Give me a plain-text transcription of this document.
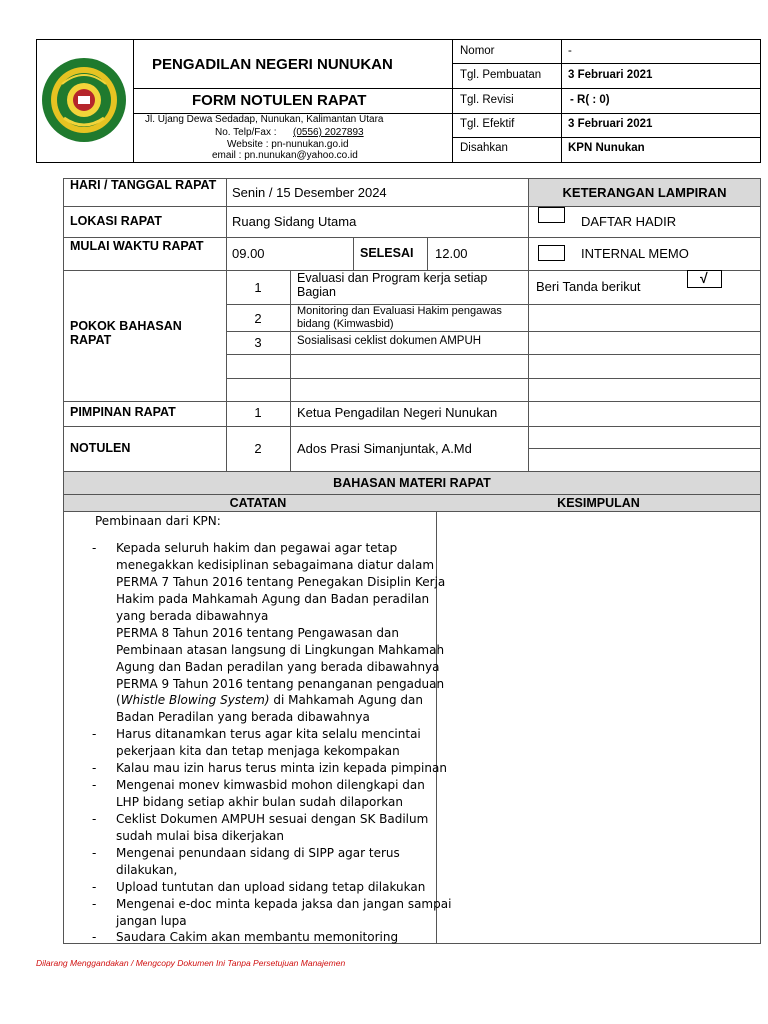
PENGADILAN NEGERI NUNUKAN
FORM NOTULEN RAPAT
Jl. Ujang Dewa Sedadap, Nunukan, Kalimantan Utara
No. Telp/Fax : (0556) 2027893
Website : pn-nunukan.go.id
email : pn.nunukan@yahoo.co.id
Nomor	-
Tgl. Pembuatan 3 Februari 2021
Tgl. Revisi	- R( : 0)
Tgl. Efektif	3 Februari 2021
Disahkan	KPN Nunukan
HARI / TANGGAL RAPAT Senin / 15 Desember 2024	KETERANGAN LAMPIRAN
LOKASI RAPAT	Ruang Sidang Utama	DAFTAR HADIR
MULAI WAKTU RAPAT	09.00	SELESAI 12.00	INTERNAL MEMO
POKOK BAHASAN RAPAT
1
Evaluasi dan Program kerja setiap Bagian
2	Monitoring dan Evaluasi Hakim pengawas bidang (Kimwasbid)
3	Sosialisasi ceklist dokumen AMPUH
Beri Tanda berikut
√
PIMPINAN RAPAT	1	Ketua Pengadilan Negeri Nunukan
NOTULEN	2	Ados Prasi Simanjuntak, A.Md
BAHASAN MATERI RAPAT
CATATAN	KESIMPULAN
Pembinaan dari KPN:
- Kepada seluruh hakim dan pegawai agar tetap
menegakkan kedisiplinan sebagaimana diatur dalam
PERMA 7 Tahun 2016 tentang Penegakan Disiplin Kerja
Hakim pada Mahkamah Agung dan Badan peradilan
yang berada dibawahnya
PERMA 8 Tahun 2016 tentang Pengawasan dan
Pembinaan atasan langsung di Lingkungan Mahkamah
Agung dan Badan peradilan yang berada dibawahnya
PERMA 9 Tahun 2016 tentang penanganan pengaduan
(Whistle Blowing System) di Mahkamah Agung dan
Badan Peradilan yang berada dibawahnya
- Harus ditanamkan terus agar kita selalu mencintai
pekerjaan kita dan tetap menjaga kekompakan
- Kalau mau izin harus terus minta izin kepada pimpinan
- Mengenai monev kimwasbid mohon dilengkapi dan
LHP bidang setiap akhir bulan sudah dilaporkan
- Ceklist Dokumen AMPUH sesuai dengan SK Badilum
sudah mulai bisa dikerjakan
- Mengenai penundaan sidang di SIPP agar terus
dilakukan,
- Upload tuntutan dan upload sidang tetap dilakukan
- Mengenai e-doc minta kepada jaksa dan jangan sampai
jangan lupa
- Saudara Cakim akan membantu memonitoring
Dilarang Menggandakan / Mengcopy Dokumen Ini Tanpa Persetujuan Manajemen
